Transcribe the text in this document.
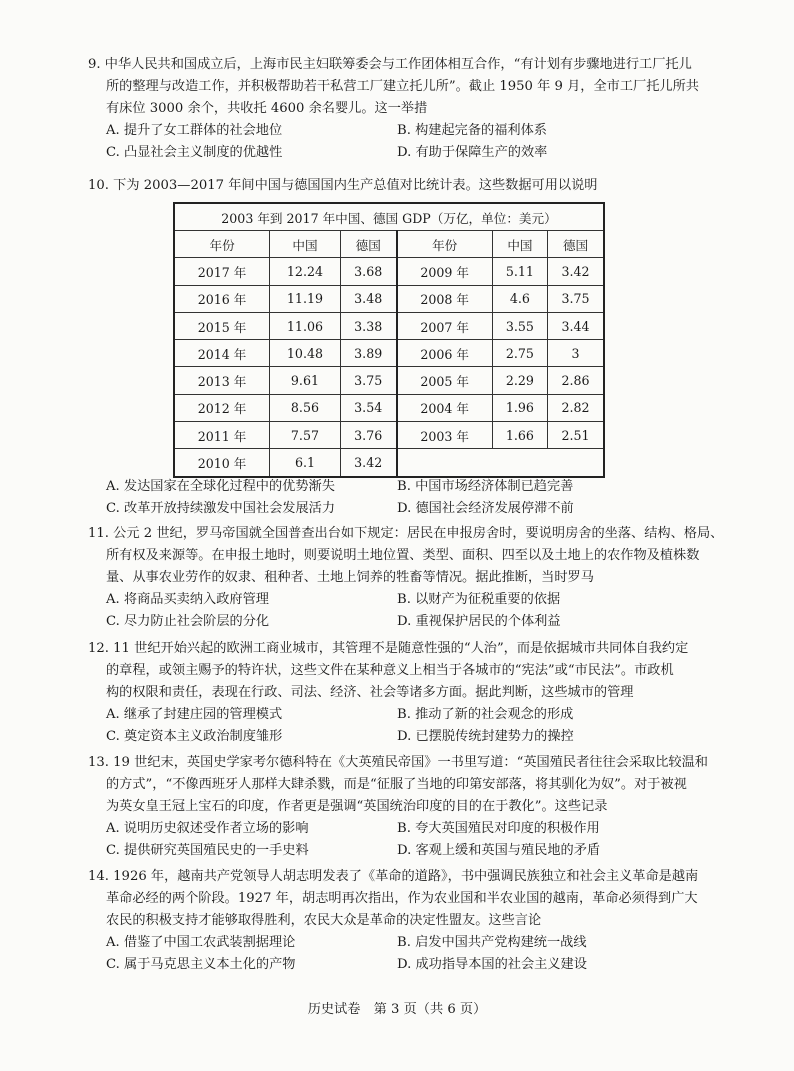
9. 中华人民共和国成立后，上海市民主妇联筹委会与工作团体相互合作，“有计划有步骤地进行工厂托儿
所的整理与改造工作，并积极帮助若干私营工厂建立托儿所”。截止 1950 年 9 月，全市工厂托儿所共
有床位 3000 余个，共收托 4600 余名婴儿。这一举措
A. 提升了女工群体的社会地位	B. 构建起完备的福利体系
C. 凸显社会主义制度的优越性	D. 有助于保障生产的效率
10. 下为 2003—2017 年间中国与德国国内生产总值对比统计表。这些数据可用以说明
2003 年到 2017 年中国、德国 GDP（万亿，单位：美元）					
年份	中国	德国	年份	中国	德国
2017 年	12.24	3.68	2009 年	5.11	3.42
2016 年	11.19	3.48	2008 年	4.6	3.75
2015 年	11.06	3.38	2007 年	3.55	3.44
2014 年	10.48	3.89	2006 年	2.75	3
2013 年	9.61	3.75	2005 年	2.29	2.86
2012 年	8.56	3.54	2004 年	1.96	2.82
2011 年	7.57	3.76	2003 年	1.66	2.51
2010 年	6.1	3.42			
A. 发达国家在全球化过程中的优势渐失	B. 中国市场经济体制已趋完善
C. 改革开放持续激发中国社会发展活力	D. 德国社会经济发展停滞不前
11. 公元 2 世纪，罗马帝国就全国普查出台如下规定：居民在申报房舍时，要说明房舍的坐落、结构、格局、
所有权及来源等。在申报土地时，则要说明土地位置、类型、面积、四至以及土地上的农作物及植株数
量、从事农业劳作的奴隶、租种者、土地上饲养的牲畜等情况。据此推断，当时罗马
A. 将商品买卖纳入政府管理	B. 以财产为征税重要的依据
C. 尽力防止社会阶层的分化	D. 重视保护居民的个体利益
12. 11 世纪开始兴起的欧洲工商业城市，其管理不是随意性强的“人治”，而是依据城市共同体自我约定
的章程，或领主赐予的特许状，这些文件在某种意义上相当于各城市的“宪法”或“市民法”。市政机
构的权限和责任，表现在行政、司法、经济、社会等诸多方面。据此判断，这些城市的管理
A. 继承了封建庄园的管理模式	B. 推动了新的社会观念的形成
C. 奠定资本主义政治制度雏形	D. 已摆脱传统封建势力的操控
13. 19 世纪末，英国史学家考尔德科特在《大英殖民帝国》一书里写道：“英国殖民者往往会采取比较温和
的方式”，“不像西班牙人那样大肆杀戮，而是“征服了当地的印第安部落，将其驯化为奴”。对于被视
为英女皇王冠上宝石的印度，作者更是强调“英国统治印度的目的在于教化”。这些记录
A. 说明历史叙述受作者立场的影响	B. 夸大英国殖民对印度的积极作用
C. 提供研究英国殖民史的一手史料	D. 客观上缓和英国与殖民地的矛盾
14. 1926 年，越南共产党领导人胡志明发表了《革命的道路》，书中强调民族独立和社会主义革命是越南
革命必经的两个阶段。1927 年，胡志明再次指出，作为农业国和半农业国的越南，革命必须得到广大
农民的积极支持才能够取得胜利，农民大众是革命的决定性盟友。这些言论
A. 借鉴了中国工农武装割据理论	B. 启发中国共产党构建统一战线
C. 属于马克思主义本土化的产物	D. 成功指导本国的社会主义建设
历史试卷　第 3 页（共 6 页）
